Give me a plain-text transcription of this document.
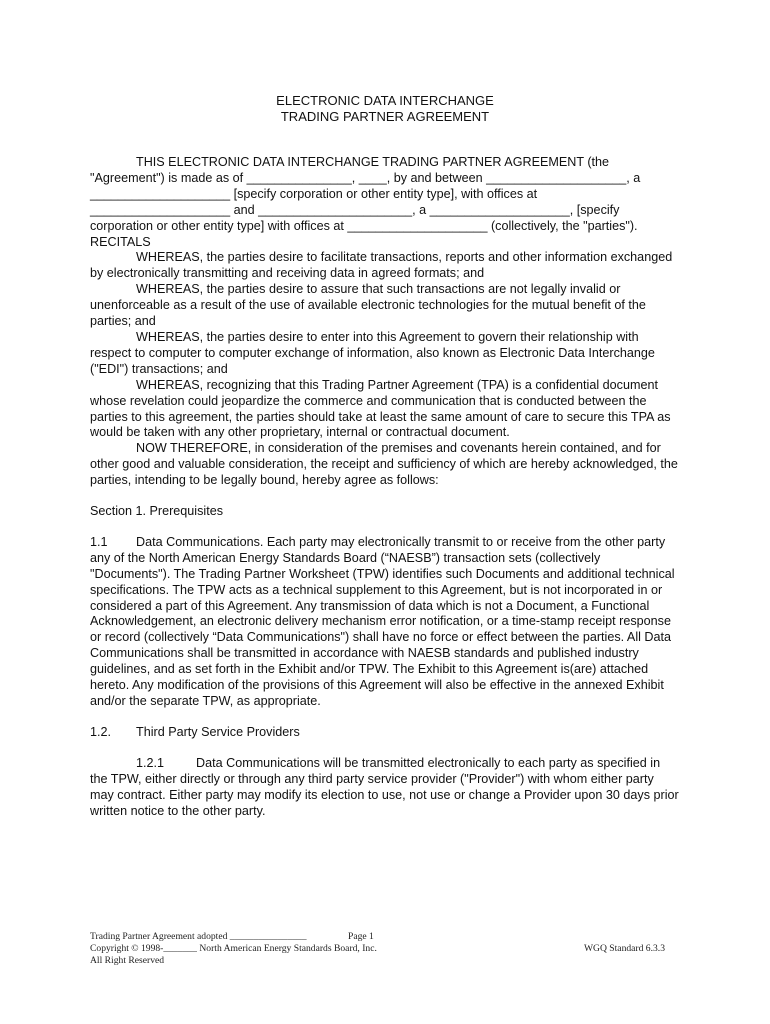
ELECTRONIC DATA INTERCHANGE
TRADING PARTNER AGREEMENT

THIS ELECTRONIC DATA INTERCHANGE TRADING PARTNER AGREEMENT (the "Agreement") is made as of _______________, ____, by and between ____________________, a ____________________ [specify corporation or other entity type], with offices at ____________________ and ______________________, a ____________________, [specify corporation or other entity type] with offices at ____________________ (collectively, the "parties").

RECITALS

WHEREAS, the parties desire to facilitate transactions, reports and other information exchanged by electronically transmitting and receiving data in agreed formats; and

WHEREAS, the parties desire to assure that such transactions are not legally invalid or unenforceable as a result of the use of available electronic technologies for the mutual benefit of the parties; and

WHEREAS, the parties desire to enter into this Agreement to govern their relationship with respect to computer to computer exchange of information, also known as Electronic Data Interchange ("EDI") transactions; and

WHEREAS, recognizing that this Trading Partner Agreement (TPA) is a confidential document whose revelation could jeopardize the commerce and communication that is conducted between the parties to this agreement, the parties should take at least the same amount of care to secure this TPA as would be taken with any other proprietary, internal or contractual document.

NOW THEREFORE, in consideration of the premises and covenants herein contained, and for other good and valuable consideration, the receipt and sufficiency of which are hereby acknowledged, the parties, intending to be legally bound, hereby agree as follows:

Section 1. Prerequisites

1.1 Data Communications. Each party may electronically transmit to or receive from the other party any of the North American Energy Standards Board (“NAESB”) transaction sets (collectively "Documents"). The Trading Partner Worksheet (TPW) identifies such Documents and additional technical specifications. The TPW acts as a technical supplement to this Agreement, but is not incorporated in or considered a part of this Agreement. Any transmission of data which is not a Document, a Functional Acknowledgement, an electronic delivery mechanism error notification, or a time-stamp receipt response or record (collectively “Data Communications") shall have no force or effect between the parties. All Data Communications shall be transmitted in accordance with NAESB standards and published industry guidelines, and as set forth in the Exhibit and/or TPW. The Exhibit to this Agreement is(are) attached hereto. Any modification of the provisions of this Agreement will also be effective in the annexed Exhibit and/or the separate TPW, as appropriate.

1.2. Third Party Service Providers

1.2.1	Data Communications will be transmitted electronically to each party as specified in the TPW, either directly or through any third party service provider ("Provider") with whom either party may contract. Either party may modify its election to use, not use or change a Provider upon 30 days prior written notice to the other party.

Trading Partner Agreement adopted ________________	Page 1
Copyright © 1998-_______ North American Energy Standards Board, Inc.	WGQ Standard 6.3.3
All Right Reserved
